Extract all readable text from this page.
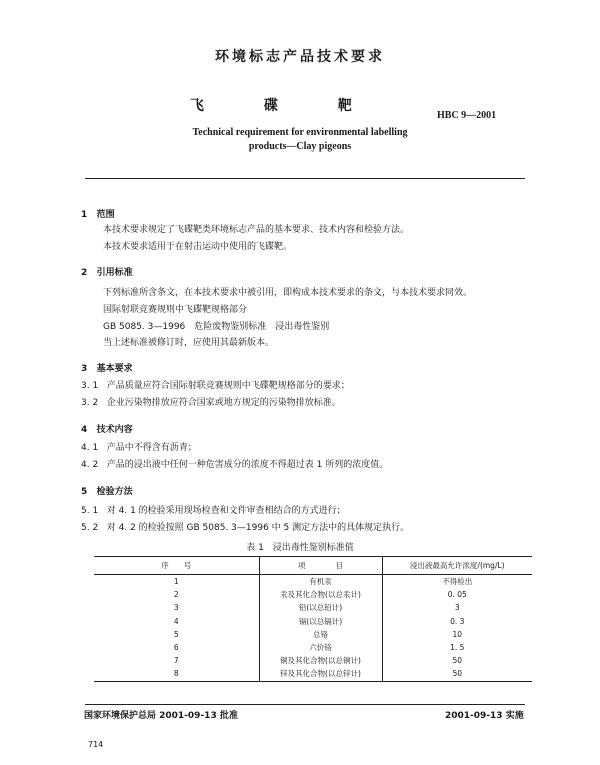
环境标志产品技术要求
飞 碟 靶
HBC 9—2001
Technical requirement for environmental labelling
products—Clay pigeons
1 范围
本技术要求规定了飞碟靶类环境标志产品的基本要求、技术内容和检验方法。
本技术要求适用于在射击运动中使用的飞碟靶。
2 引用标准
下列标准所含条文，在本技术要求中被引用，即构成本技术要求的条文，与本技术要求同效。
国际射联竞赛规则中飞碟靶规格部分
GB 5085. 3—1996　危险废物鉴别标准　浸出毒性鉴别
当上述标准被修订时，应使用其最新版本。
3 基本要求
3. 1 产品质量应符合国际射联竞赛规则中飞碟靶规格部分的要求；
3. 2 企业污染物排放应符合国家或地方规定的污染物排放标准。
4 技术内容
4. 1 产品中不得含有沥青；
4. 2 产品的浸出液中任何一种危害成分的浓度不得超过表 1 所列的浓度值。
5 检验方法
5. 1 对 4. 1 的检验采用现场检查和文件审查相结合的方式进行；
5. 2 对 4. 2 的检验按照 GB 5085. 3—1996 中 5 测定方法中的具体规定执行。
表 1　浸出毒性鉴别标准值
序　　号	项　　　　目	浸出液最高允许浓度/(mg/L)
1	有机汞	不得检出
2	汞及其化合物(以总汞计)	0. 05
3	铅(以总铅计)	3
4	镉(以总镉计)	0. 3
5	总铬	10
6	六价铬	1. 5
7	铜及其化合物(以总铜计)	50
8	锌及其化合物(以总锌计)	50
国家环境保护总局 2001-09-13 批准	2001-09-13 实施
714
